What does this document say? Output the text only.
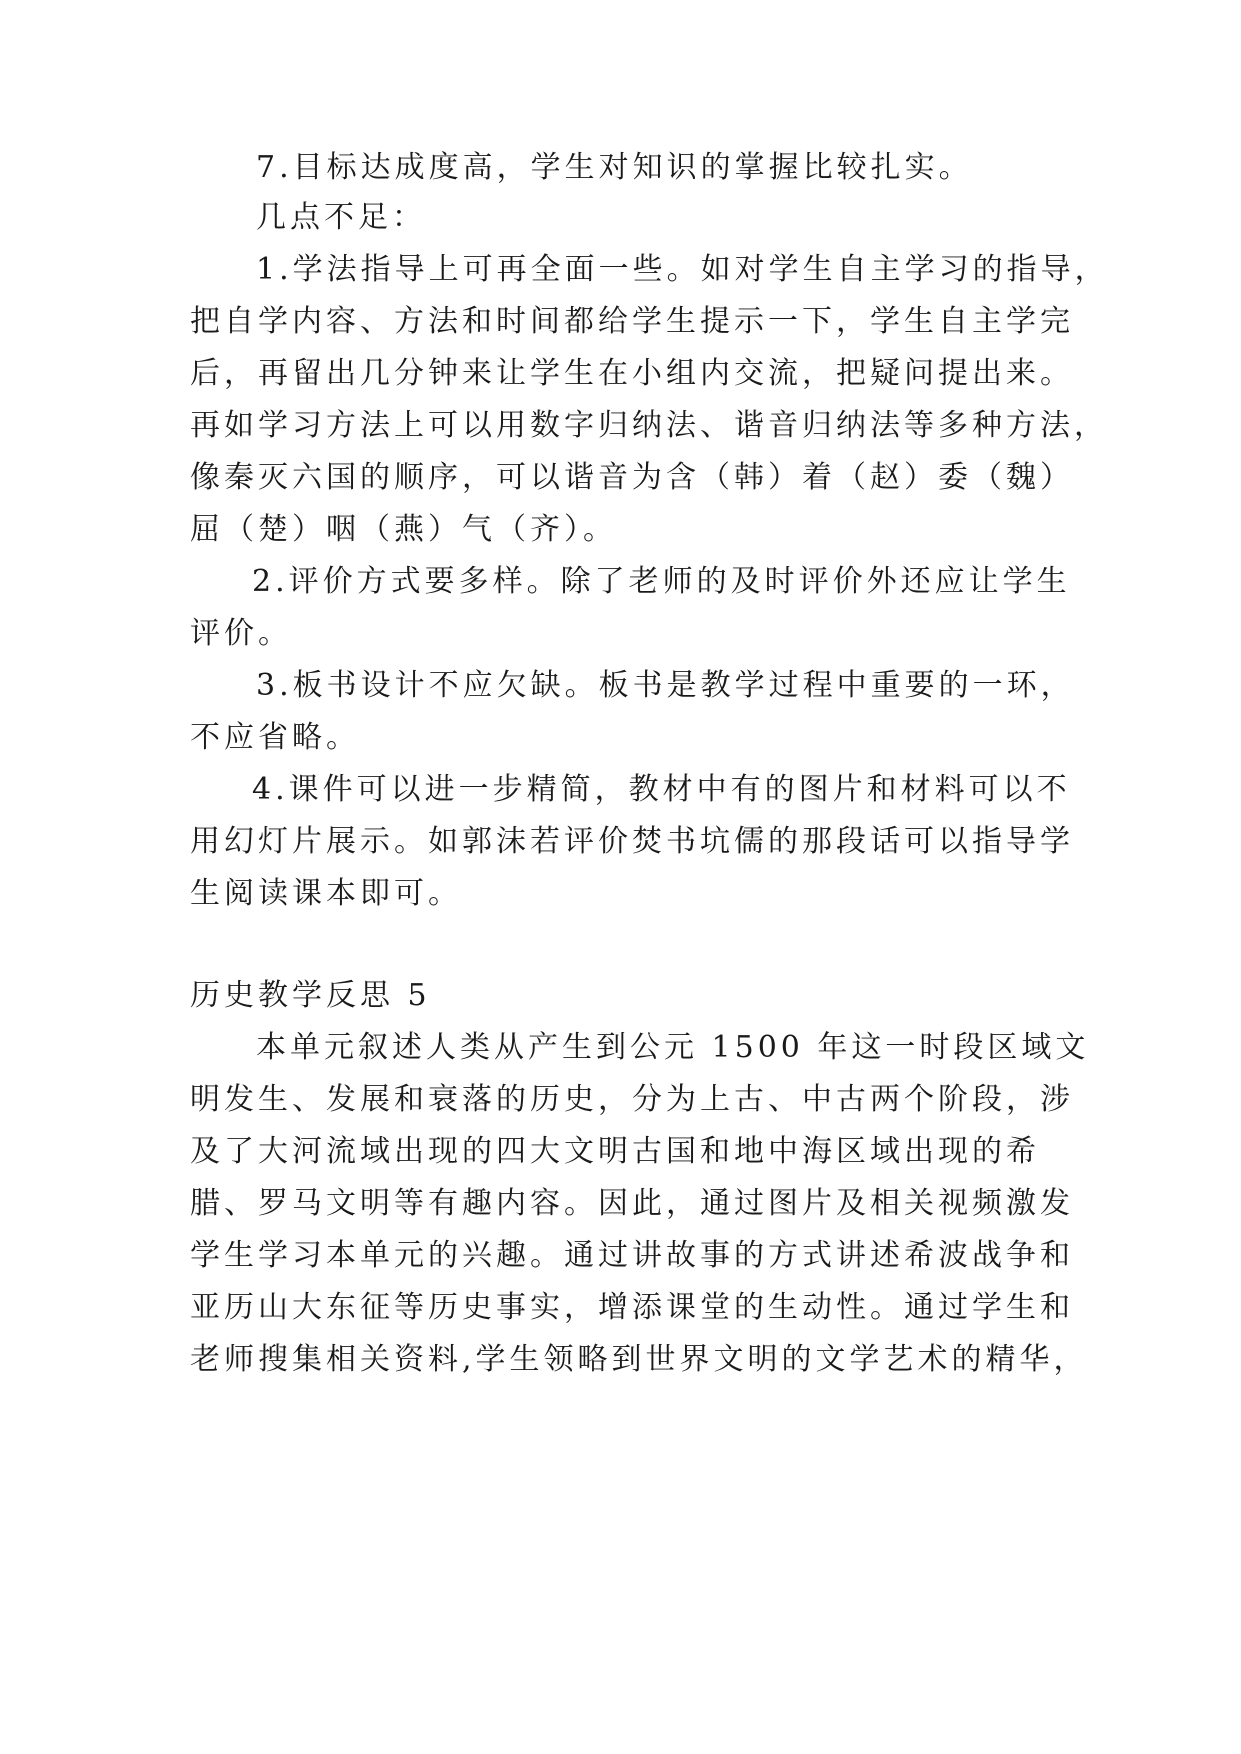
7.目标达成度高，学生对知识的掌握比较扎实。
几点不足：
1.学法指导上可再全面一些。如对学生自主学习的指导，
把自学内容、方法和时间都给学生提示一下，学生自主学完
后，再留出几分钟来让学生在小组内交流，把疑问提出来。
再如学习方法上可以用数字归纳法、谐音归纳法等多种方法，
像秦灭六国的顺序，可以谐音为含（韩）着（赵）委（魏）
屈（楚）咽（燕）气（齐）。
2.评价方式要多样。除了老师的及时评价外还应让学生
评价。
3.板书设计不应欠缺。板书是教学过程中重要的一环，
不应省略。
4.课件可以进一步精简，教材中有的图片和材料可以不
用幻灯片展示。如郭沫若评价焚书坑儒的那段话可以指导学
生阅读课本即可。
历史教学反思 5
本单元叙述人类从产生到公元 1500 年这一时段区域文
明发生、发展和衰落的历史，分为上古、中古两个阶段，涉
及了大河流域出现的四大文明古国和地中海区域出现的希
腊、罗马文明等有趣内容。因此，通过图片及相关视频激发
学生学习本单元的兴趣。通过讲故事的方式讲述希波战争和
亚历山大东征等历史事实，增添课堂的生动性。通过学生和
老师搜集相关资料,学生领略到世界文明的文学艺术的精华，
